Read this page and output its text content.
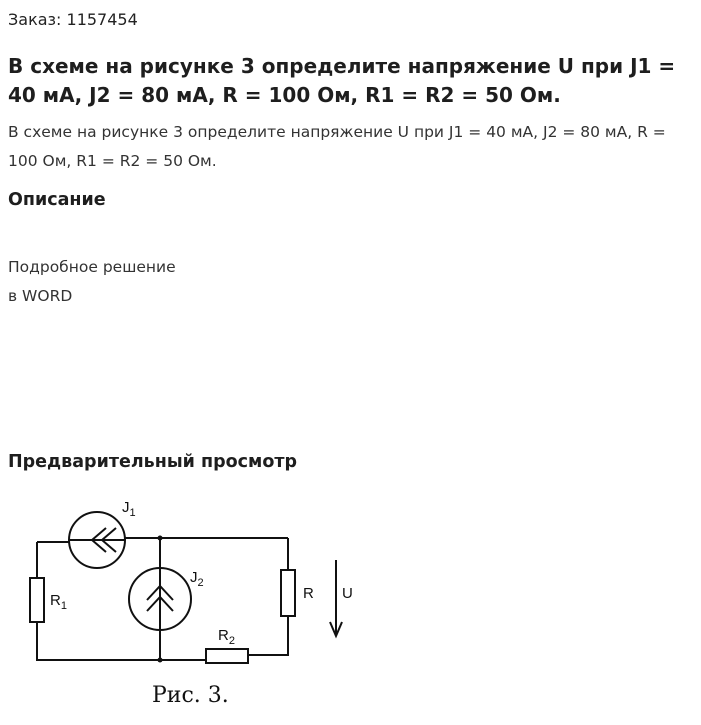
Заказ: 1157454
В схеме на рисунке 3 определите напряжение U при J1 = 40 мА, J2 = 80 мА, R = 100 Ом, R1 = R2 = 50 Ом.
В схеме на рисунке 3 определите напряжение U при J1 = 40 мА, J2 = 80 мА, R = 100 Ом, R1 = R2 = 50 Ом.
Описание
Подробное решение
в WORD
Предварительный просмотр
$J_1$
$J_2$
$R_1$
$R_2$
R U
Рис. 3.
